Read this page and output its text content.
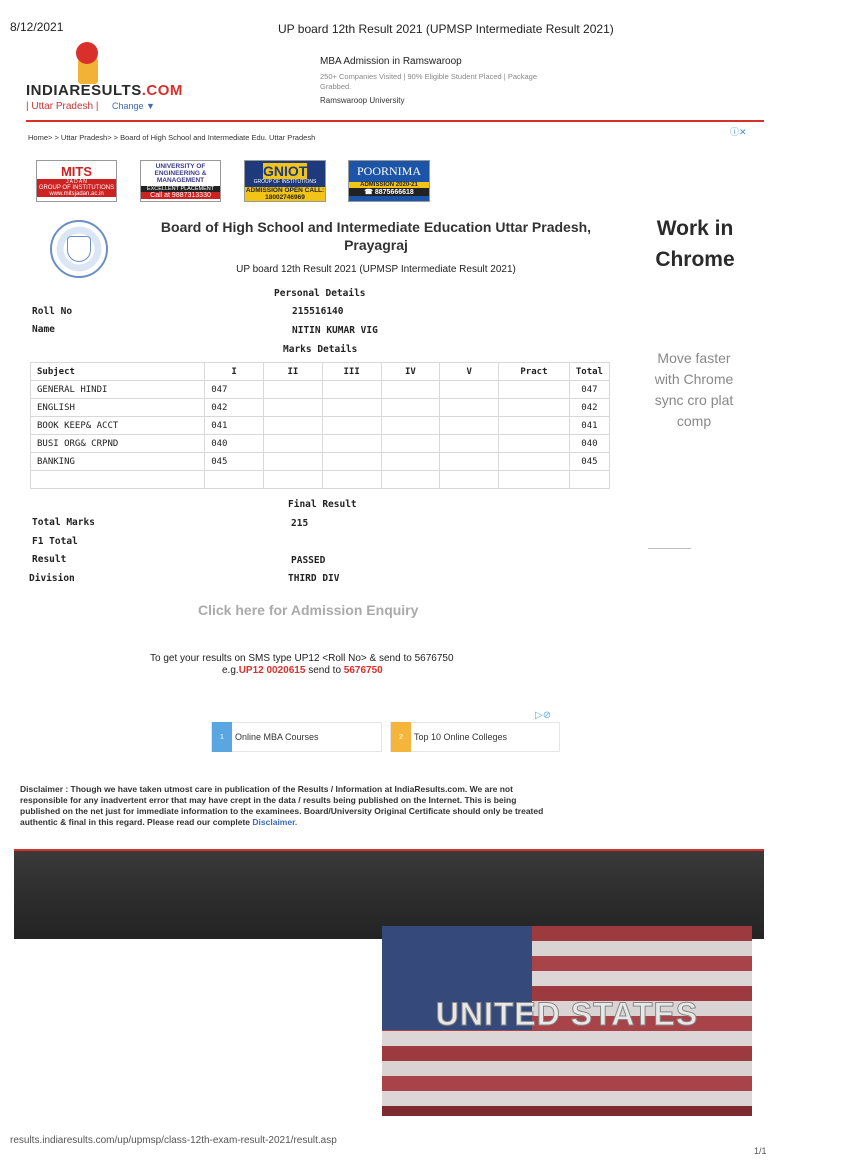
8/12/2021	UP board 12th Result 2021 (UPMSP Intermediate Result 2021)
INDIARESULTS.COM
| Uttar Pradesh | Change ▼
MBA Admission in Ramswaroop
250+ Companies Visited | 90% Eligible Student Placed | Package Grabbed.
Ramswaroop University
Home> > Uttar Pradesh> > Board of High School and Intermediate Edu. Uttar Pradesh
ⓘ✕
MITS
J A D A N
GROUP OF INSTITUTIONS www.mitsjadan.ac.in
UNIVERSITY OF ENGINEERING & MANAGEMENT
EXCELLENT PLACEMENT
Call at 9887313330
GNIOT
GROUP OF INSTITUTIONS
ADMISSION OPEN CALL: 18002746969
POORNIMA
ADMISSION 2020-21
☎ 8875666618
Board of High School and Intermediate Education Uttar Pradesh, Prayagraj
UP board 12th Result 2021 (UPMSP Intermediate Result 2021)
Personal Details
Roll No	215516140
Name	NITIN KUMAR VIG
Marks Details
Subject	I	II	III	IV	V	Pract	Total
GENERAL HINDI	047						047
ENGLISH	042						042
BOOK KEEP& ACCT	041						041
BUSI ORG& CRPND	040						040
BANKING	045						045

Final Result
Total Marks	215
F1 Total
Result	PASSED
Division	THIRD DIV
Work in Chrome
Move faster with Chrome sync cro plat comp
Click here for Admission Enquiry
To get your results on SMS type UP12 <Roll No> & send to 5676750
e.g.UP12 0020615 send to 5676750
▷⊘
1	Online MBA Courses	2	Top 10 Online Colleges
Disclaimer : Though we have taken utmost care in publication of the Results / Information at IndiaResults.com. We are not responsible for any inadvertent error that may have crept in the data / results being published on the Internet. This is being published on the net just for immediate information to the examinees. Board/University Original Certificate should only be treated authentic & final in this regard. Please read our complete Disclaimer.
UNITED STATES
results.indiaresults.com/up/upmsp/class-12th-exam-result-2021/result.asp
1/1
